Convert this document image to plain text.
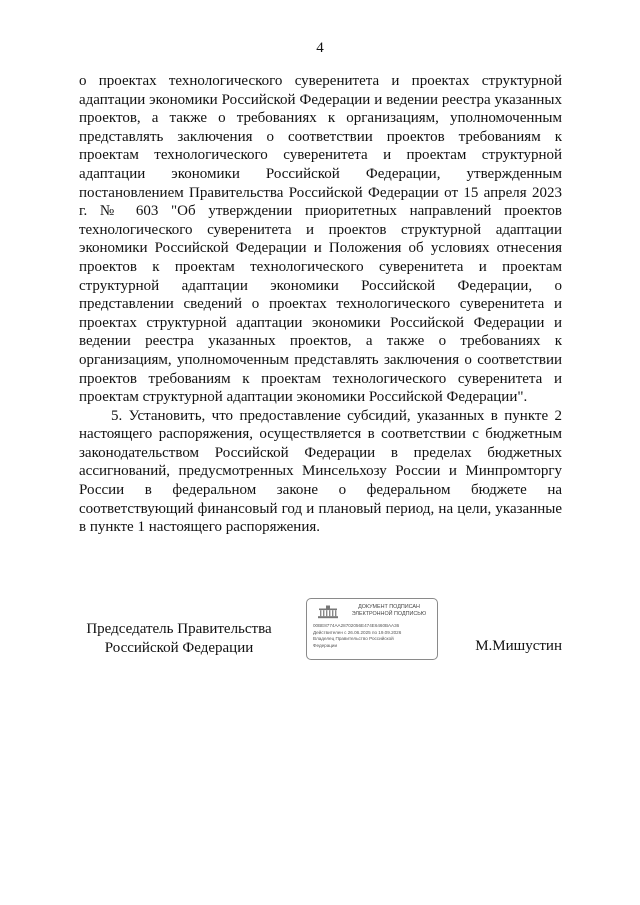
4

о проектах технологического суверенитета и проектах структурной адаптации экономики Российской Федерации и ведении реестра указанных проектов, а также о требованиях к организациям, уполномоченным представлять заключения о соответствии проектов требованиям к проектам технологического суверенитета и проектам структурной адаптации экономики Российской Федерации, утвержденным постановлением Правительства Российской Федерации от 15 апреля 2023 г. № 603 "Об утверждении приоритетных направлений проектов технологического суверенитета и проектов структурной адаптации экономики Российской Федерации и Положения об условиях отнесения проектов к проектам технологического суверенитета и проектам структурной адаптации экономики Российской Федерации, о представлении сведений о проектах технологического суверенитета и проектах структурной адаптации экономики Российской Федерации и ведении реестра указанных проектов, а также о требованиях к организациям, уполномоченным представлять заключения о соответствии проектов требованиям к проектам технологического суверенитета и проектам структурной адаптации экономики Российской Федерации".

5. Установить, что предоставление субсидий, указанных в пункте 2 настоящего распоряжения, осуществляется в соответствии с бюджетным законодательством Российской Федерации в пределах бюджетных ассигнований, предусмотренных Минсельхозу России и Минпромторгу России в федеральном законе о федеральном бюджете на соответствующий финансовый год и плановый период, на цели, указанные в пункте 1 настоящего распоряжения.

Председатель Правительства
Российской Федерации
ДОКУМЕНТ ПОДПИСАН
ЭЛЕКТРОННОЙ ПОДПИСЬЮ
00ВЕ8774АА28702056Е474Е6460ВАА36
Действителен с 26.06.2025 по 19.09.2026
Владелец Правительство Российской
Федерации	М.Мишустин
